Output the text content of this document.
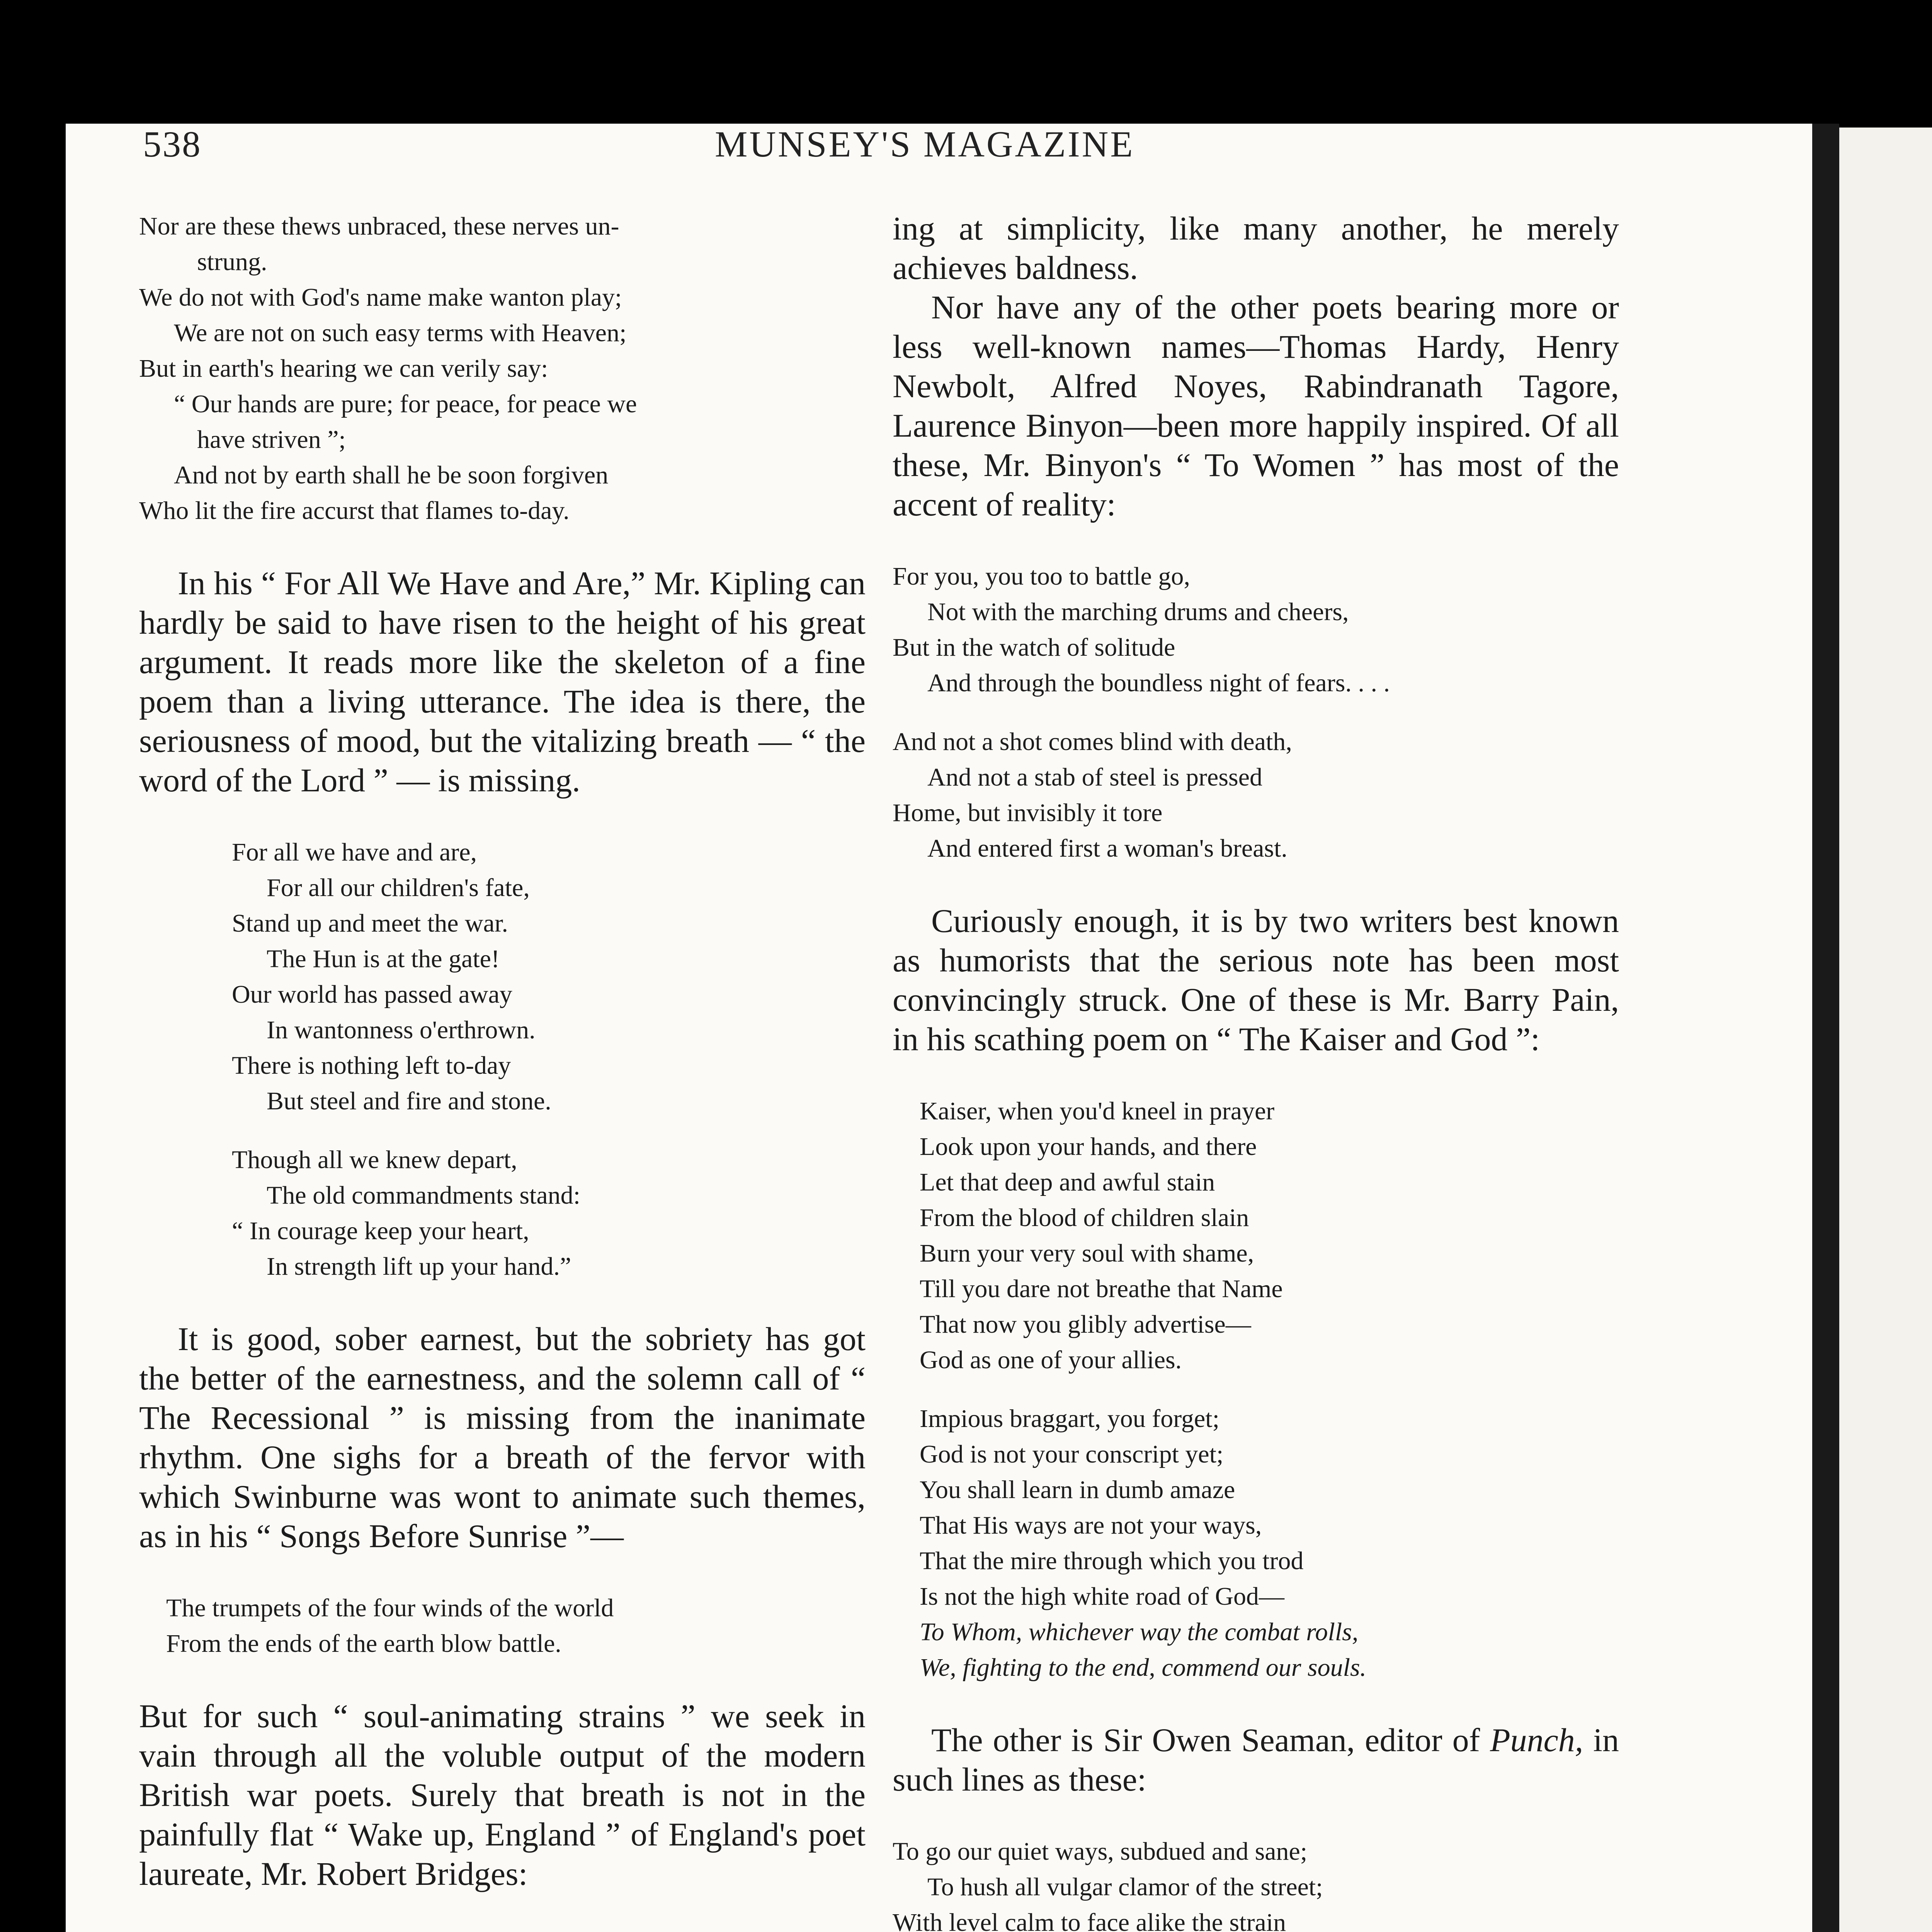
538	MUNSEY'S MAGAZINE
Nor are these thews unbraced, these nerves un-
strung.
We do not with God's name make wanton play;
We are not on such easy terms with Heaven;
But in earth's hearing we can verily say:
“ Our hands are pure; for peace, for peace we
have striven ”;
And not by earth shall he be soon forgiven
Who lit the fire accurst that flames to-day.

In his “ For All We Have and Are,” Mr. Kipling can hardly be said to have risen to the height of his great argument. It reads more like the skeleton of a fine poem than a living utterance. The idea is there, the seriousness of mood, but the vitalizing breath — “ the word of the Lord ” — is missing.

For all we have and are,
For all our children's fate,
Stand up and meet the war.
The Hun is at the gate!
Our world has passed away
In wantonness o'erthrown.
There is nothing left to-day
But steel and fire and stone.
Though all we knew depart,
The old commandments stand:
“ In courage keep your heart,
In strength lift up your hand.”

It is good, sober earnest, but the sobriety has got the better of the earnestness, and the solemn call of “ The Recessional ” is missing from the inanimate rhythm. One sighs for a breath of the fervor with which Swinburne was wont to animate such themes, as in his “ Songs Before Sunrise ”—

The trumpets of the four winds of the world
From the ends of the earth blow battle.

But for such “ soul-animating strains ” we seek in vain through all the voluble output of the modern British war poets. Surely that breath is not in the painfully flat “ Wake up, England ” of England's poet laureate, Mr. Robert Bridges:

ing at simplicity, like many another, he merely achieves baldness.

Nor have any of the other poets bearing more or less well-known names—Thomas Hardy, Henry Newbolt, Alfred Noyes, Rabindranath Tagore, Laurence Binyon—been more happily inspired. Of all these, Mr. Binyon's “ To Women ” has most of the accent of reality:

For you, you too to battle go,
Not with the marching drums and cheers,
But in the watch of solitude
And through the boundless night of fears. . . .
And not a shot comes blind with death,
And not a stab of steel is pressed
Home, but invisibly it tore
And entered first a woman's breast.

Curiously enough, it is by two writers best known as humorists that the serious note has been most convincingly struck. One of these is Mr. Barry Pain, in his scathing poem on “ The Kaiser and God ”:

Kaiser, when you'd kneel in prayer
Look upon your hands, and there
Let that deep and awful stain
From the blood of children slain
Burn your very soul with shame,
Till you dare not breathe that Name
That now you glibly advertise—
God as one of your allies.
Impious braggart, you forget;
God is not your conscript yet;
You shall learn in dumb amaze
That His ways are not your ways,
That the mire through which you trod
Is not the high white road of God—
To Whom, whichever way the combat rolls,
We, fighting to the end, commend our souls.

The other is Sir Owen Seaman, editor of Punch, in such lines as these:

To go our quiet ways, subdued and sane;
To hush all vulgar clamor of the street;
With level calm to face alike the strain
